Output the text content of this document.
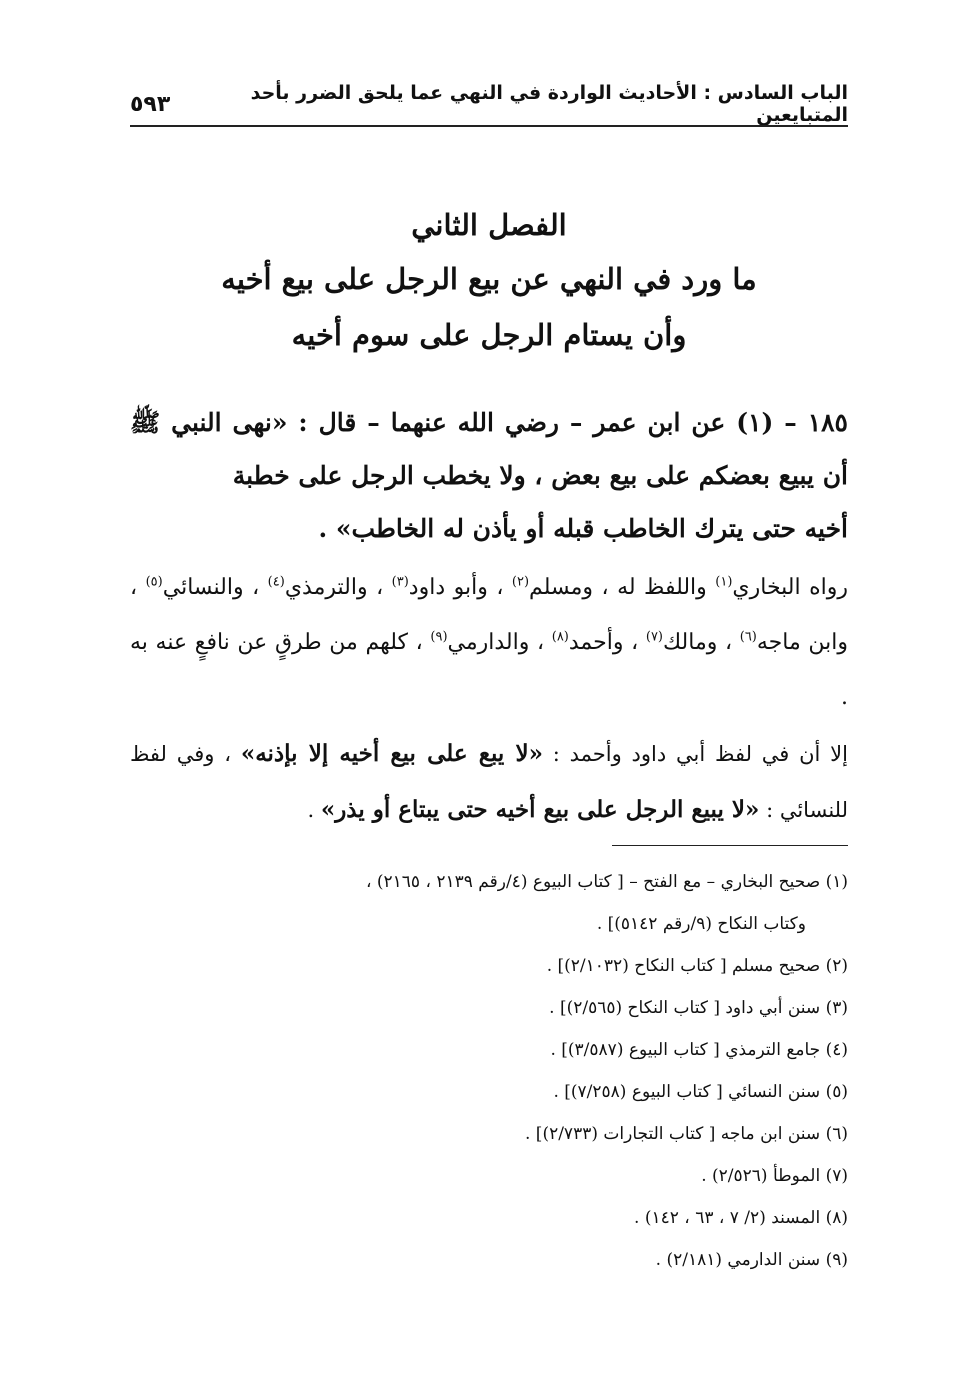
الباب السادس : الأحاديث الواردة في النهي عما يلحق الضرر بأحد المتبايعين
٥٩٣
الفصل الثاني
ما ورد في النهي عن بيع الرجل على بيع أخيه
وأن يستام الرجل على سوم أخيه
١٨٥ – (١) عن ابن عمر – رضي الله عنهما – قال : «نهى النبي ﷺ أن يبيع بعضكم على بيع بعض ، ولا يخطب الرجل على خطبة
أخيه حتى يترك الخاطب قبله أو يأذن له الخاطب» .
رواه البخاري$^{(١)}$ واللفظ له ، ومسلم$^{(٢)}$ ، وأبو داود$^{(٣)}$ ، والترمذي$^{(٤)}$ ، والنسائي$^{(٥)}$ ، وابن ماجه$^{(٦)}$ ، ومالك$^{(٧)}$ ، وأحمد$^{(٨)}$ ، والدارمي$^{(٩)}$ ، كلهم من طرقٍ عن نافعٍ عنه به .
إلا أن في لفظ أبي داود وأحمد : «لا يبع على بيع أخيه إلا بإذنه» ، وفي لفظ للنسائي : «لا يبيع الرجل على بيع أخيه حتى يبتاع أو يذر» .
(١) صحيح البخاري – مع الفتح – [ كتاب البيوع (٤/رقم ٢١٣٩ ، ٢١٦٥) ،
وكتاب النكاح (٩/رقم ٥١٤٢)] .
(٢) صحيح مسلم [ كتاب النكاح (٢/١٠٣٢)] .
(٣) سنن أبي داود [ كتاب النكاح (٢/٥٦٥)] .
(٤) جامع الترمذي [ كتاب البيوع (٣/٥٨٧)] .
(٥) سنن النسائي [ كتاب البيوع (٧/٢٥٨)] .
(٦) سنن ابن ماجه [ كتاب التجارات (٢/٧٣٣)] .
(٧) الموطأ (٢/٥٢٦) .
(٨) المسند (٢/ ٧ ، ٦٣ ، ١٤٢) .
(٩) سنن الدارمي (٢/١٨١) .
